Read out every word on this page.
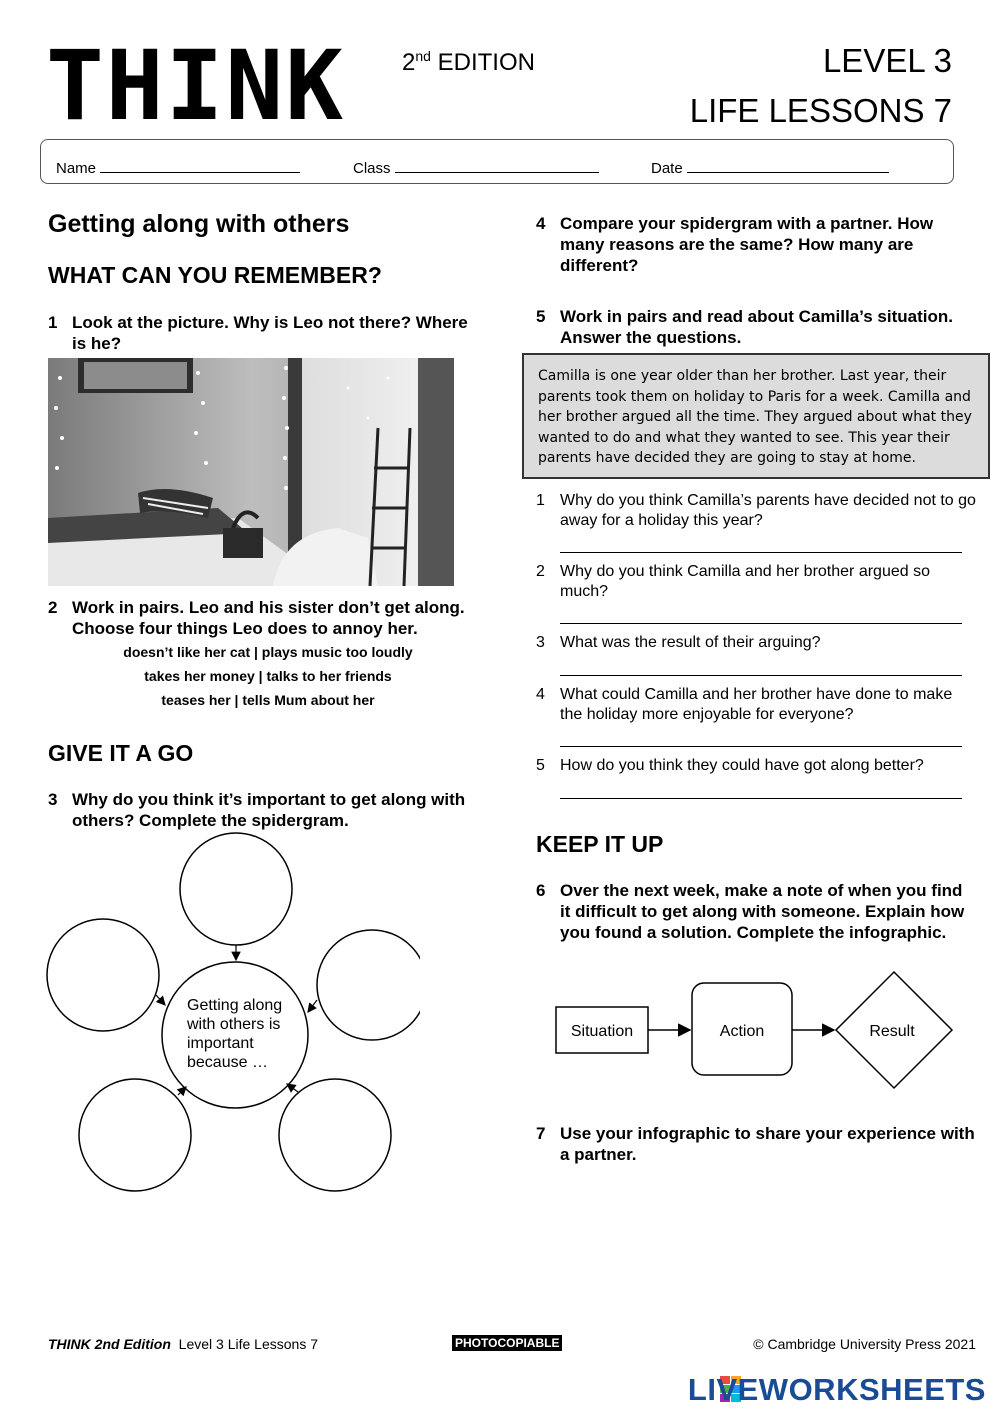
THINK 2nd EDITION	LEVEL 3
LIFE LESSONS 7
Name	Class	Date
Getting along with others
WHAT CAN YOU REMEMBER?
1 Look at the picture. Why is Leo not there? Where is he?
2 Work in pairs. Leo and his sister don’t get along. Choose four things Leo does to annoy her.
doesn’t like her cat | plays music too loudly
takes her money | talks to her friends
teases her | tells Mum about her
GIVE IT A GO
3 Why do you think it’s important to get along with others? Complete the spidergram.
Getting along with others is important because …
4 Compare your spidergram with a partner. How many reasons are the same? How many are different?
5 Work in pairs and read about Camilla’s situation. Answer the questions.
Camilla is one year older than her brother. Last year, their parents took them on holiday to Paris for a week. Camilla and her brother argued all the time. They argued about what they wanted to do and what they wanted to see. This year their parents have decided they are going to stay at home.
1 Why do you think Camilla’s parents have decided not to go away for a holiday this year?
2 Why do you think Camilla and her brother argued so much?
3 What was the result of their arguing?
4 What could Camilla and her brother have done to make the holiday more enjoyable for everyone?
5 How do you think they could have got along better?
KEEP IT UP
6 Over the next week, make a note of when you find it difficult to get along with someone. Explain how you found a solution. Complete the infographic.
Situation	Action	Result
7 Use your infographic to share your experience with a partner.
THINK 2nd Edition Level 3 Life Lessons 7	PHOTOCOPIABLE	© Cambridge University Press 2021
LIVEWORKSHEETS
